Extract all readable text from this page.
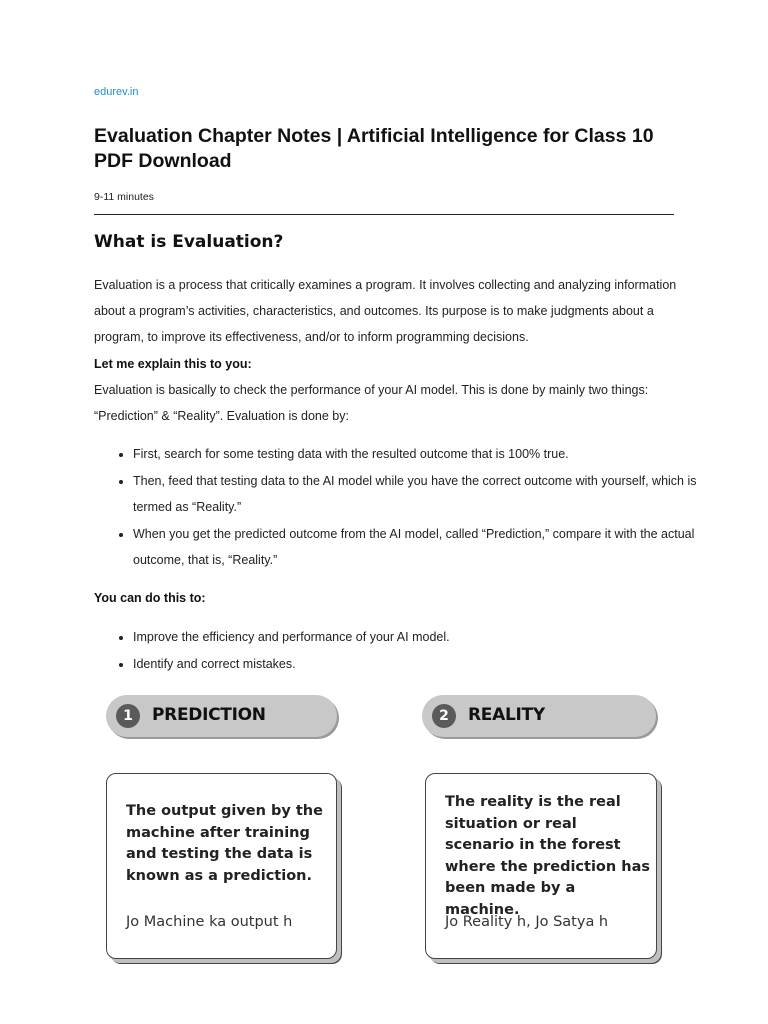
edurev.in
Evaluation Chapter Notes | Artificial Intelligence for Class 10 PDF Download
9-11 minutes
What is Evaluation?

Evaluation is a process that critically examines a program. It involves collecting and analyzing information about a program’s activities, characteristics, and outcomes. Its purpose is to make judgments about a program, to improve its effectiveness, and/or to inform programming decisions.

Let me explain this to you:

Evaluation is basically to check the performance of your AI model. This is done by mainly two things: “Prediction” & “Reality”. Evaluation is done by:

• First, search for some testing data with the resulted outcome that is 100% true.
• Then, feed that testing data to the AI model while you have the correct outcome with yourself, which is termed as “Reality.”
• When you get the predicted outcome from the AI model, called “Prediction,” compare it with the actual outcome, that is, “Reality.”

You can do this to:

• Improve the efficiency and performance of your AI model.
• Identify and correct mistakes.
1	PREDICTION	2	REALITY

The output given by the machine after training and testing the data is known as a prediction.

Jo Machine ka output h

The reality is the real situation or real scenario in the forest where the prediction has been made by a machine.

Jo Reality h, Jo Satya h
